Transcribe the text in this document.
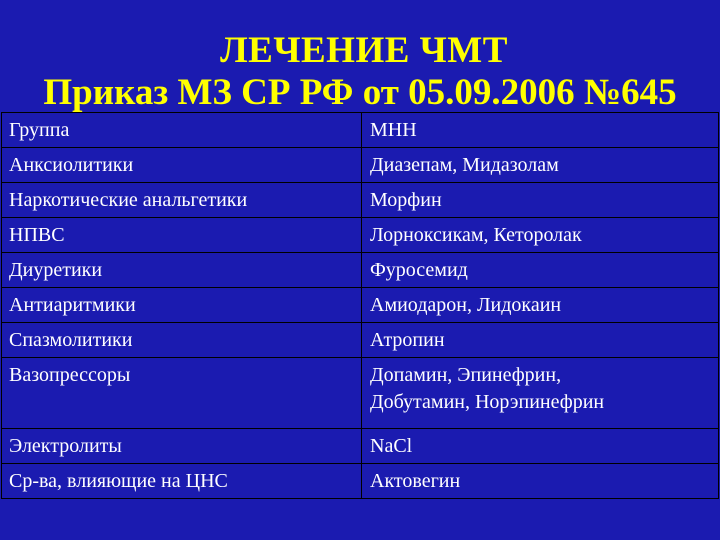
ЛЕЧЕНИЕ ЧМТ
Приказ МЗ СР РФ от 05.09.2006 №645
Группа	МНН

Анксиолитики	Диазепам, Мидазолам

Наркотические анальгетики	Морфин

НПВС	Лорноксикам, Кеторолак

Диуретики	Фуросемид

Антиаритмики	Амиодарон, Лидокаин

Спазмолитики	Атропин

Вазопрессоры	Допамин, Эпинефрин,
Добутамин, Норэпинефрин

Электролиты	NaCl

Ср-ва, влияющие на ЦНС	Актовегин
